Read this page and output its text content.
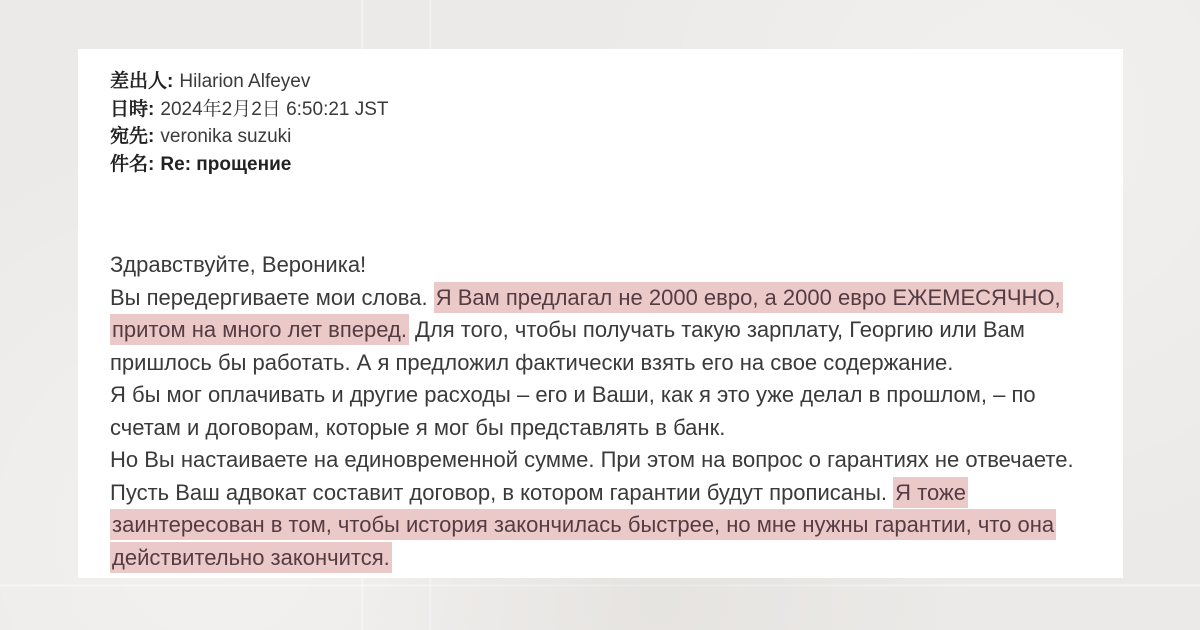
差出人: Hilarion Alfeyev
日時: 2024年2月2日 6:50:21 JST
宛先: veronika suzuki
件名: Re: прощение
Здравствуйте, Вероника!
Вы передергиваете мои слова. Я Вам предлагал не 2000 евро, а 2000 евро ЕЖЕМЕСЯЧНО,
притом на много лет вперед. Для того, чтобы получать такую зарплату, Георгию или Вам
пришлось бы работать. А я предложил фактически взять его на свое содержание.
Я бы мог оплачивать и другие расходы – его и Ваши, как я это уже делал в прошлом, – по
счетам и договорам, которые я мог бы представлять в банк.
Но Вы настаиваете на единовременной сумме. При этом на вопрос о гарантиях не отвечаете.
Пусть Ваш адвокат составит договор, в котором гарантии будут прописаны. Я тоже
заинтересован в том, чтобы история закончилась быстрее, но мне нужны гарантии, что она
действительно закончится.
